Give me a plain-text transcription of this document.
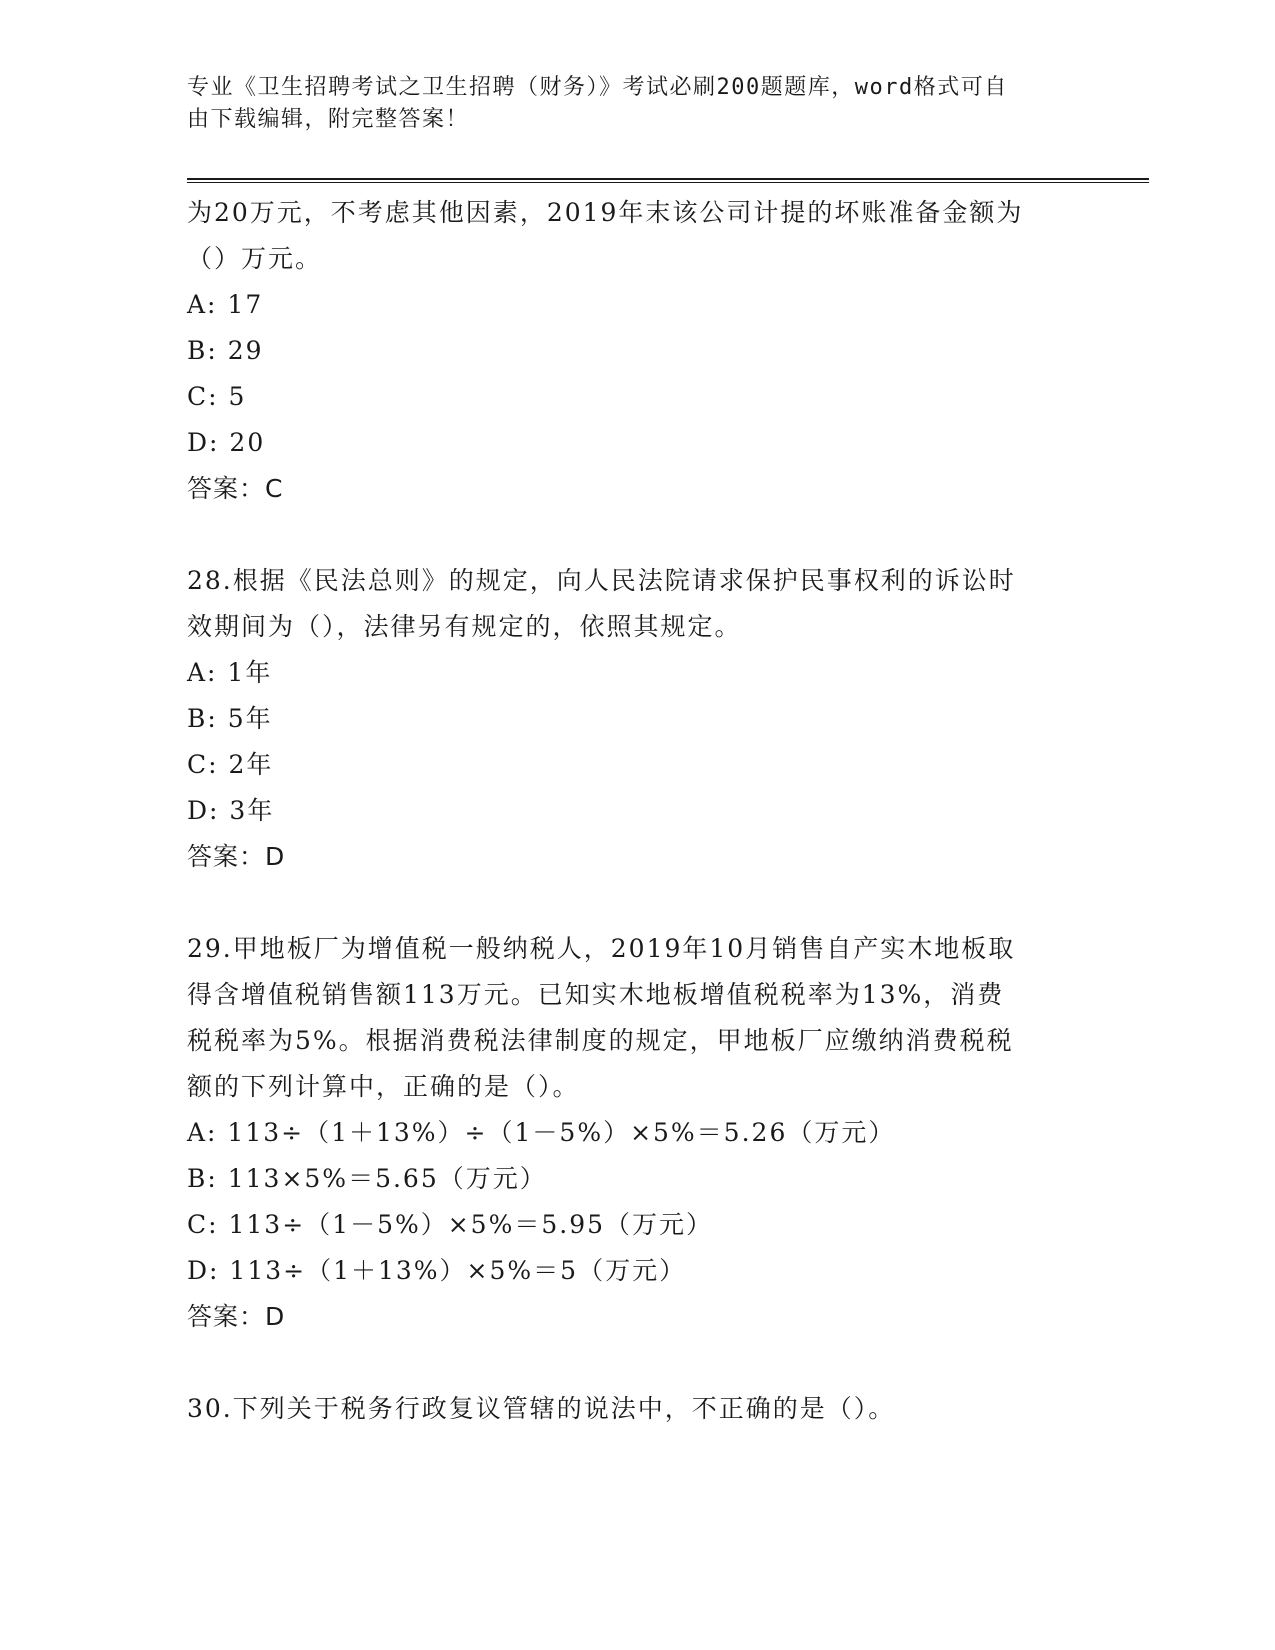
专业《卫生招聘考试之卫生招聘（财务）》考试必刷200题题库，word格式可自
由下载编辑，附完整答案！

为20万元，不考虑其他因素，2019年末该公司计提的坏账准备金额为

（）万元。

A: 17

B: 29

C: 5

D: 20

答案：C

28.根据《民法总则》的规定，向人民法院请求保护民事权利的诉讼时

效期间为（），法律另有规定的，依照其规定。

A: 1年

B: 5年

C: 2年

D: 3年

答案：D

29.甲地板厂为增值税一般纳税人，2019年10月销售自产实木地板取

得含增值税销售额113万元。已知实木地板增值税税率为13%，消费

税税率为5%。根据消费税法律制度的规定，甲地板厂应缴纳消费税税

额的下列计算中，正确的是（）。

A: 113÷（1＋13%）÷（1－5%）×5%＝5.26（万元）

B: 113×5%＝5.65（万元）

C: 113÷（1－5%）×5%＝5.95（万元）

D: 113÷（1＋13%）×5%＝5（万元）

答案：D

30.下列关于税务行政复议管辖的说法中，不正确的是（）。
